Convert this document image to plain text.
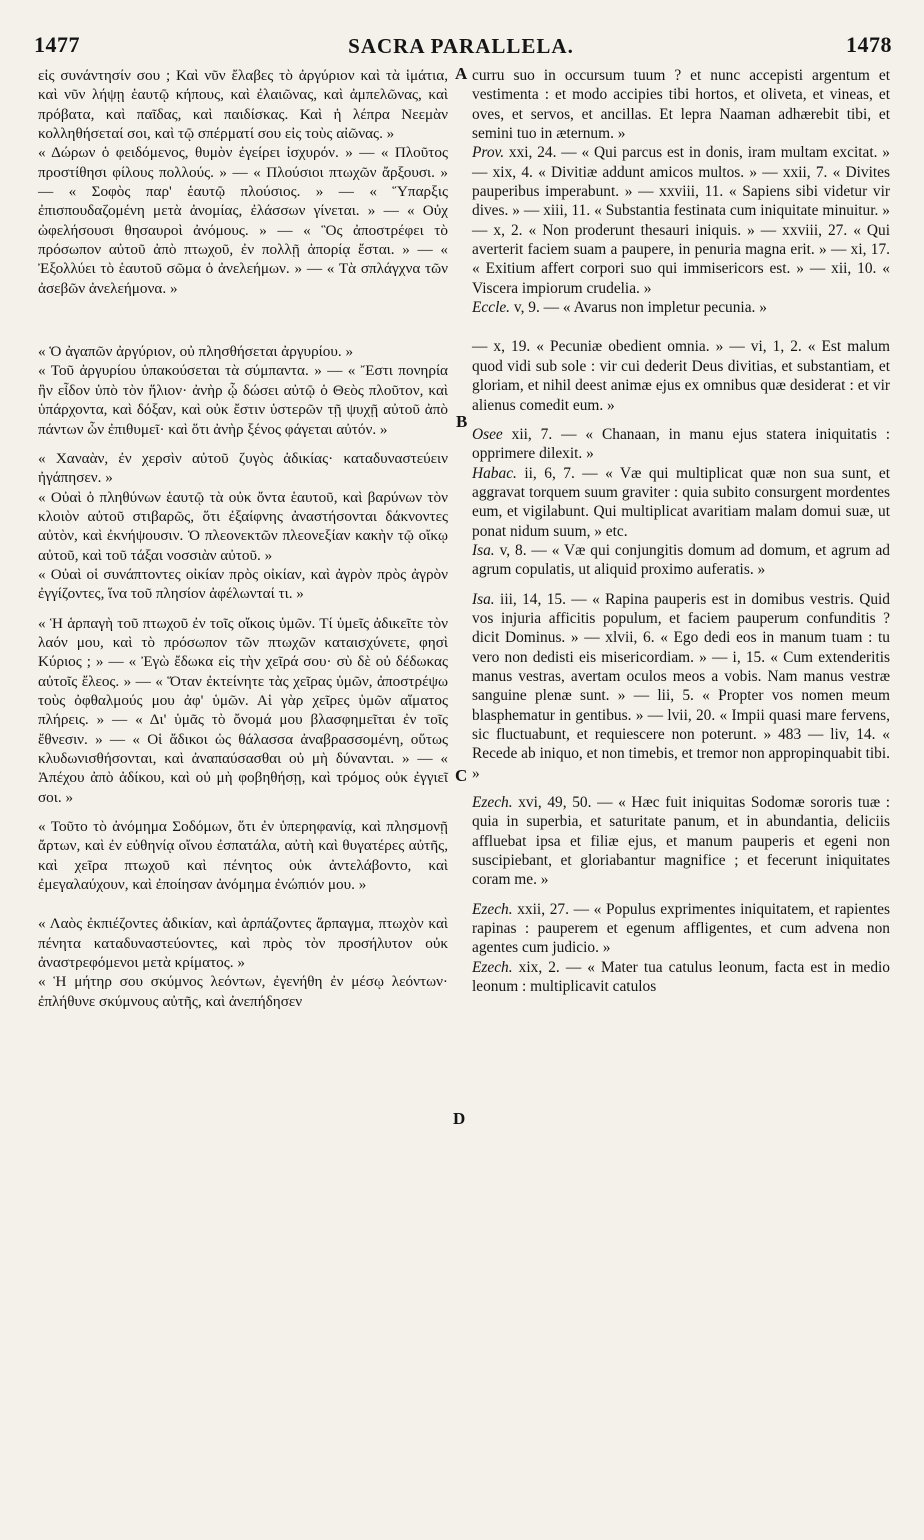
1477	SACRA PARALLELA.	1478
A
B
C
D

εἰς συνάντησίν σου ; Καὶ νῦν ἔλαβες τὸ ἀργύριον καὶ τὰ ἱμάτια, καὶ νῦν λήψῃ ἑαυτῷ κήπους, καὶ ἐλαιῶνας, καὶ ἀμπελῶνας, καὶ πρόβατα, καὶ παῖδας, καὶ παιδίσκας. Καὶ ἡ λέπρα Νεεμὰν κολληθήσεταί σοι, καὶ τῷ σπέρματί σου εἰς τοὺς αἰῶνας. »

« Δώρων ὁ φειδόμενος, θυμὸν ἐγείρει ἰσχυρόν. » — « Πλοῦτος προστίθησι φίλους πολλούς. » — « Πλούσιοι πτωχῶν ἄρξουσι. » — « Σοφὸς παρ' ἑαυτῷ πλούσιος. » — « Ὕπαρξις ἐπισπουδαζομένη μετὰ ἀνομίας, ἐλάσσων γίνεται. » — « Οὐχ ὠφελήσουσι θησαυροὶ ἀνόμους. » — « Ὃς ἀποστρέφει τὸ πρόσωπον αὐτοῦ ἀπὸ πτωχοῦ, ἐν πολλῇ ἀπορίᾳ ἔσται. » — « Ἐξολλύει τὸ ἑαυτοῦ σῶμα ὁ ἀνελεήμων. » — « Τὰ σπλάγχνα τῶν ἀσεβῶν ἀνελεήμονα. »

« Ὁ ἀγαπῶν ἀργύριον, οὐ πλησθήσεται ἀργυρίου. »

« Τοῦ ἀργυρίου ὑπακούσεται τὰ σύμπαντα. » — « Ἔστι πονηρία ἣν εἶδον ὑπὸ τὸν ἥλιον· ἀνὴρ ᾧ δώσει αὐτῷ ὁ Θεὸς πλοῦτον, καὶ ὑπάρχοντα, καὶ δόξαν, καὶ οὐκ ἔστιν ὑστερῶν τῇ ψυχῇ αὐτοῦ ἀπὸ πάντων ὧν ἐπιθυμεῖ· καὶ ὅτι ἀνὴρ ξένος φάγεται αὐτόν. »

« Χαναὰν, ἐν χερσὶν αὐτοῦ ζυγὸς ἀδικίας· καταδυναστεύειν ἠγάπησεν. »

« Οὐαὶ ὁ πληθύνων ἑαυτῷ τὰ οὐκ ὄντα ἑαυτοῦ, καὶ βαρύνων τὸν κλοιὸν αὐτοῦ στιβαρῶς, ὅτι ἐξαίφνης ἀναστήσονται δάκνοντες αὐτὸν, καὶ ἐκνήψουσιν. Ὁ πλεονεκτῶν πλεονεξίαν κακὴν τῷ οἴκῳ αὐτοῦ, καὶ τοῦ τάξαι νοσσιὰν αὐτοῦ. »

« Οὐαὶ οἱ συνάπτοντες οἰκίαν πρὸς οἰκίαν, καὶ ἀγρὸν πρὸς ἀγρὸν ἐγγίζοντες, ἵνα τοῦ πλησίον ἀφέλωνταί τι. »

« Ἡ ἁρπαγὴ τοῦ πτωχοῦ ἐν τοῖς οἴκοις ὑμῶν. Τί ὑμεῖς ἀδικεῖτε τὸν λαόν μου, καὶ τὸ πρόσωπον τῶν πτωχῶν καταισχύνετε, φησὶ Κύριος ; » — « Ἐγὼ ἔδωκα εἰς τὴν χεῖρά σου· σὺ δὲ οὐ δέδωκας αὐτοῖς ἔλεος. » — « Ὅταν ἐκτείνητε τὰς χεῖρας ὑμῶν, ἀποστρέψω τοὺς ὀφθαλμούς μου ἀφ' ὑμῶν. Αἱ γὰρ χεῖρες ὑμῶν αἵματος πλήρεις. » — « Δι' ὑμᾶς τὸ ὄνομά μου βλασφημεῖται ἐν τοῖς ἔθνεσιν. » — « Οἱ ἄδικοι ὡς θάλασσα ἀναβρασσομένη, οὕτως κλυδωνισθήσονται, καὶ ἀναπαύσασθαι οὐ μὴ δύνανται. » — « Ἀπέχου ἀπὸ ἀδίκου, καὶ οὐ μὴ φοβηθήσῃ, καὶ τρόμος οὐκ ἐγγιεῖ σοι. »

« Τοῦτο τὸ ἀνόμημα Σοδόμων, ὅτι ἐν ὑπερηφανίᾳ, καὶ πλησμονῇ ἄρτων, καὶ ἐν εὐθηνίᾳ οἴνου ἐσπατάλα, αὐτὴ καὶ θυγατέρες αὐτῆς, καὶ χεῖρα πτωχοῦ καὶ πένητος οὐκ ἀντελάβοντο, καὶ ἐμεγαλαύχουν, καὶ ἐποίησαν ἀνόμημα ἐνώπιόν μου. »

« Λαὸς ἐκπιέζοντες ἀδικίαν, καὶ ἁρπάζοντες ἅρπαγμα, πτωχὸν καὶ πένητα καταδυναστεύοντες, καὶ πρὸς τὸν προσήλυτον οὐκ ἀναστρεφόμενοι μετὰ κρίματος. »

« Ἡ μήτηρ σου σκύμνος λεόντων, ἐγενήθη ἐν μέσῳ λεόντων· ἐπλήθυνε σκύμνους αὐτῆς, καὶ ἀνεπήδησεν

curru suo in occursum tuum ? et nunc accepisti argentum et vestimenta : et modo accipies tibi hortos, et oliveta, et vineas, et oves, et servos, et ancillas. Et lepra Naaman adhærebit tibi, et semini tuo in æternum. »

Prov. xxi, 24. — « Qui parcus est in donis, iram multam excitat. » — xix, 4. « Divitiæ addunt amicos multos. » — xxii, 7. « Divites pauperibus imperabunt. » — xxviii, 11. « Sapiens sibi videtur vir dives. » — xiii, 11. « Substantia festinata cum iniquitate minuitur. » — x, 2. « Non proderunt thesauri iniquis. » — xxviii, 27. « Qui averterit faciem suam a paupere, in penuria magna erit. » — xi, 17. « Exitium affert corpori suo qui immisericors est. » — xii, 10. « Viscera impiorum crudelia. »

Eccle. v, 9. — « Avarus non impletur pecunia. »

— x, 19. « Pecuniæ obedient omnia. » — vi, 1, 2. « Est malum quod vidi sub sole : vir cui dederit Deus divitias, et substantiam, et gloriam, et nihil deest animæ ejus ex omnibus quæ desiderat : et vir alienus comedit eum. »

Osee xii, 7. — « Chanaan, in manu ejus statera iniquitatis : opprimere dilexit. »

Habac. ii, 6, 7. — « Væ qui multiplicat quæ non sua sunt, et aggravat torquem suum graviter : quia subito consurgent mordentes eum, et vigilabunt. Qui multiplicat avaritiam malam domui suæ, ut ponat nidum suum, » etc.

Isa. v, 8. — « Væ qui conjungitis domum ad domum, et agrum ad agrum copulatis, ut aliquid proximo auferatis. »

Isa. iii, 14, 15. — « Rapina pauperis est in domibus vestris. Quid vos injuria afficitis populum, et faciem pauperum confunditis ? dicit Dominus. » — xlvii, 6. « Ego dedi eos in manum tuam : tu vero non dedisti eis misericordiam. » — i, 15. « Cum extenderitis manus vestras, avertam oculos meos a vobis. Nam manus vestræ sanguine plenæ sunt. » — lii, 5. « Propter vos nomen meum blasphematur in gentibus. » — lvii, 20. « Impii quasi mare fervens, sic fluctuabunt, et requiescere non poterunt. » 483 — liv, 14. « Recede ab iniquo, et non timebis, et tremor non appropinquabit tibi. »

Ezech. xvi, 49, 50. — « Hæc fuit iniquitas Sodomæ sororis tuæ : quia in superbia, et saturitate panum, et in abundantia, deliciis affluebat ipsa et filiæ ejus, et manum pauperis et egeni non suscipiebant, et gloriabantur magnifice ; et fecerunt iniquitates coram me. »

Ezech. xxii, 27. — « Populus exprimentes iniquitatem, et rapientes rapinas : pauperem et egenum affligentes, et cum advena non agentes cum judicio. »

Ezech. xix, 2. — « Mater tua catulus leonum, facta est in medio leonum : multiplicavit catulos
